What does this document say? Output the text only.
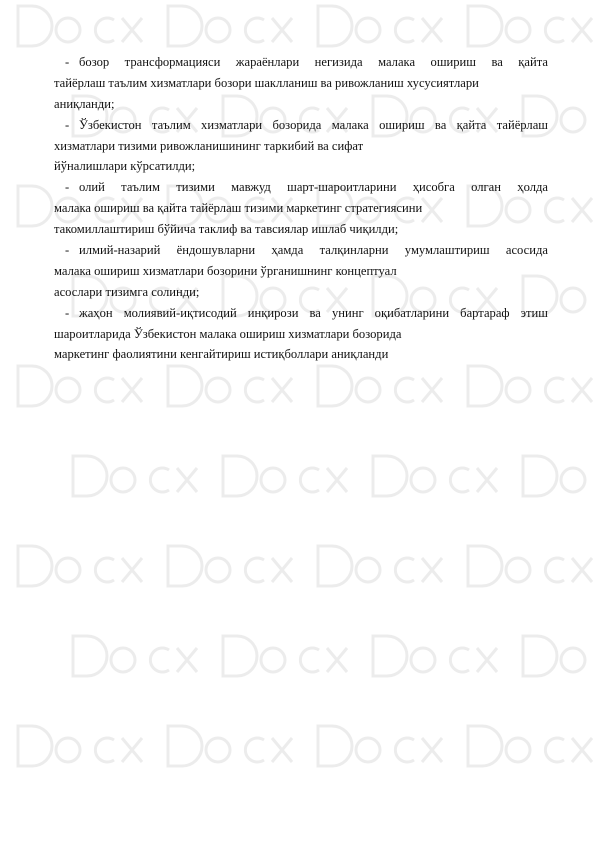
- бозор трансформацияси жараёнлари негизида малака ошириш ва қайта
тайёрлаш таълим хизматлари бозори шаклланиш ва ривожланиш хусусиятлари
аниқланди;
- Ўзбекистон таълим хизматлари бозорида малака ошириш ва қайта тайёрлаш
хизматлари тизими ривожланишининг таркибий ва сифат
йўналишлари кўрсатилди;
- олий таълим тизими мавжуд шарт-шароитларини ҳисобга олган ҳолда
малака ошириш ва қайта тайёрлаш тизими маркетинг стратегиясини
такомиллаштириш бўйича таклиф ва тавсиялар ишлаб чиқилди;
- илмий-назарий ёндошувларни ҳамда талқинларни умумлаштириш асосида
малака ошириш хизматлари бозорини ўрганишнинг концептуал
асослари тизимга солинди;
- жаҳон молиявий-иқтисодий инқирози ва унинг оқибатларини бартараф этиш
шароитларида Ўзбекистон малака ошириш хизматлари бозорида
маркетинг фаолиятини кенгайтириш истиқболлари аниқланди
